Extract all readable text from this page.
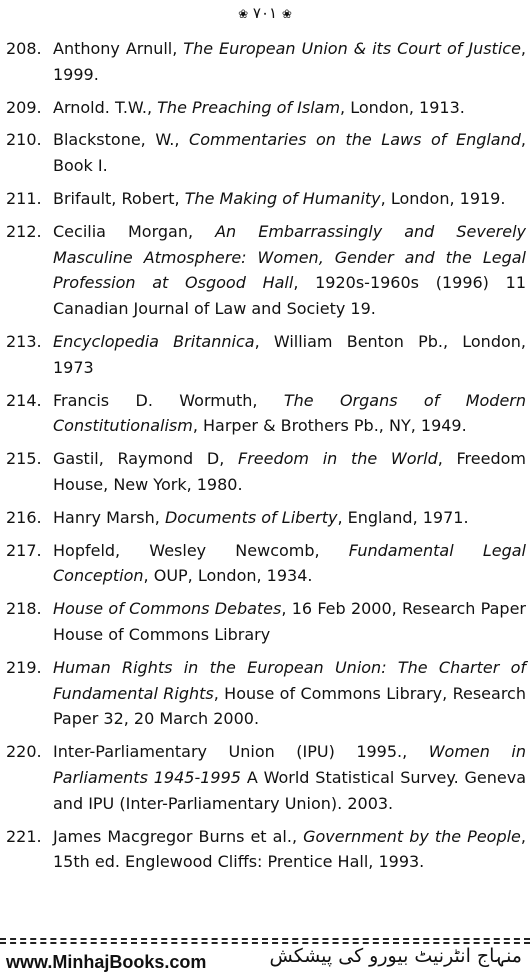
❀ ۷۰۱ ❀
208. Anthony Arnull, The European Union & its Court of Justice, 1999.
209. Arnold. T.W., The Preaching of Islam, London, 1913.
210. Blackstone, W., Commentaries on the Laws of England, Book I.
211. Brifault, Robert, The Making of Humanity, London, 1919.
212. Cecilia Morgan, An Embarrassingly and Severely Masculine Atmosphere: Women, Gender and the Legal Profession at Osgood Hall, 1920s-1960s (1996) 11 Canadian Journal of Law and Society 19.
213. Encyclopedia Britannica, William Benton Pb., London, 1973
214. Francis D. Wormuth, The Organs of Modern Constitutionalism, Harper & Brothers Pb., NY, 1949.
215. Gastil, Raymond D, Freedom in the World, Freedom House, New York, 1980.
216. Hanry Marsh, Documents of Liberty, England, 1971.
217. Hopfeld, Wesley Newcomb, Fundamental Legal Conception, OUP, London, 1934.
218. House of Commons Debates, 16 Feb 2000, Research Paper House of Commons Library
219. Human Rights in the European Union: The Charter of Fundamental Rights, House of Commons Library, Research Paper 32, 20 March 2000.
220. Inter-Parliamentary Union (IPU) 1995., Women in Parliaments 1945-1995 A World Statistical Survey. Geneva and IPU (Inter-Parliamentary Union). 2003.
221. James Macgregor Burns et al., Government by the People, 15th ed. Englewood Cliffs: Prentice Hall, 1993.
www.MinhajBooks.com	منہاج انٹرنیٹ بیورو کی پیشکش
